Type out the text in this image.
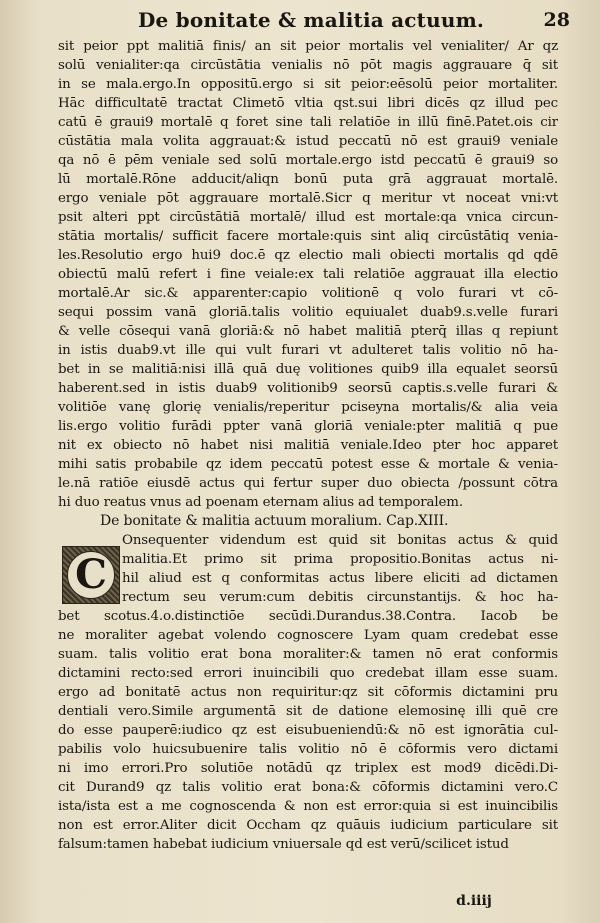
De bonitate & malitia actuum.	28
sit peior ppt malitiā finis/ an sit peior mortalis vel venialiter/ Ar qz
solū venialiter:qa circūstātia venialis nō pōt magis aggrauare q̄ sit
in se mala.ergo.In oppositū.ergo si sit peior:eēsolū peior mortaliter.
Hāc difficultatē tractat Climetō vltia qst.sui libri dicēs qz illud pec
catū ē graui9 mortalē q foret sine tali relatiōe in illū finē.Patet.ois cir
cūstātia mala volita aggrauat:& istud peccatū nō est graui9 veniale
qa nō ē pēm veniale sed solū mortale.ergo istd peccatū ē graui9 so
lū mortalē.Rōne adducit/aliqn bonū puta grā aggrauat mortalē.
ergo veniale pōt aggrauare mortalē.Sicr q meritur vt noceat vni:vt
psit alteri ppt circūstātiā mortalē/ illud est mortale:qa vnica circun-
stātia mortalis/ sufficit facere mortale:quis sint aliq circūstātiq venia-
les.Resolutio ergo hui9 doc.ē qz electio mali obiecti mortalis qd qdē
obiectū malū refert i fine veiale:ex tali relatiōe aggrauat illa electio
mortalē.Ar sic.& apparenter:capio volitionē q volo furari vt cō-
sequi possim vanā gloriā.talis volitio equiualet duab9.s.velle furari
& velle cōsequi vanā gloriā:& nō habet malitiā pterq̄ illas q repiunt
in istis duab9.vt ille qui vult furari vt adulteret talis volitio nō ha-
bet in se malitiā:nisi illā quā duę volitiones quib9 illa equalet seorsū
haberent.sed in istis duab9 volitionib9 seorsū captis.s.velle furari &
volitiōe vanę glorię venialis/reperitur pciseyna mortalis/& alia veia
lis.ergo volitio furādi ppter vanā gloriā veniale:pter malitiā q pue
nit ex obiecto nō habet nisi malitiā veniale.Ideo pter hoc apparet
mihi satis probabile qz idem peccatū potest esse & mortale & venia-
le.nā ratiōe eiusdē actus qui fertur super duo obiecta /possunt cōtra
hi duo reatus vnus ad poenam eternam alius ad temporalem.
De bonitate & malitia actuum moralium. Cap.XIII.
Onsequenter videndum est quid sit bonitas actus & quid
malitia.Et primo sit prima propositio.Bonitas actus ni-
hil aliud est q conformitas actus libere eliciti ad dictamen
rectum seu verum:cum debitis circunstantijs. & hoc ha-
bet scotus.4.o.distinctiōe secūdi.Durandus.38.Contra. Iacob be
ne moraliter agebat volendo cognoscere Lyam quam credebat esse
suam. talis volitio erat bona moraliter:& tamen nō erat conformis
dictamini recto:sed errori inuincibili quo credebat illam esse suam.
ergo ad bonitatē actus non requiritur:qz sit cōformis dictamini pru
dentiali vero.Simile argumentā sit de datione elemosinę illi quē cre
do esse pauperē:iudico qz est eisubueniendū:& nō est ignorātia cul-
pabilis volo huicsubuenire talis volitio nō ē cōformis vero dictami
ni imo errori.Pro solutiōe notādū qz triplex est mod9 dicēdi.Di-
cit Durand9 qz talis volitio erat bona:& cōformis dictamini vero.C
ista/ista est a me cognoscenda & non est error:quia si est inuincibilis
non est error.Aliter dicit Occham qz quāuis iudicium particulare sit
falsum:tamen habebat iudicium vniuersale qd est verū/scilicet istud
C
d.iiij
